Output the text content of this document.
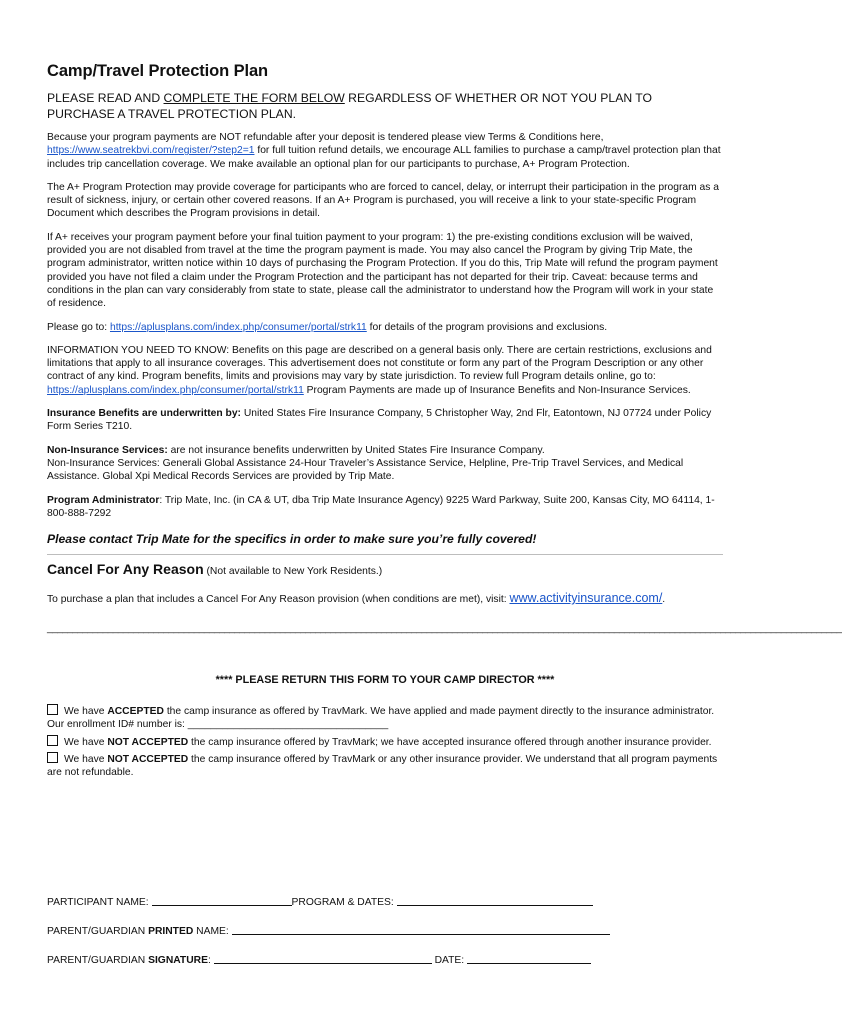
Camp/Travel Protection Plan
PLEASE READ AND COMPLETE THE FORM BELOW REGARDLESS OF WHETHER OR NOT YOU PLAN TO PURCHASE A TRAVEL PROTECTION PLAN.

Because your program payments are NOT refundable after your deposit is tendered please view Terms & Conditions here, https://www.seatrekbvi.com/register/?step2=1 for full tuition refund details, we encourage ALL families to purchase a camp/travel protection plan that includes trip cancellation coverage. We make available an optional plan for our participants to purchase, A+ Program Protection.

The A+ Program Protection may provide coverage for participants who are forced to cancel, delay, or interrupt their participation in the program as a result of sickness, injury, or certain other covered reasons. If an A+ Program is purchased, you will receive a link to your state-specific Program Document which describes the Program provisions in detail.

If A+ receives your program payment before your final tuition payment to your program: 1) the pre-existing conditions exclusion will be waived, provided you are not disabled from travel at the time the program payment is made. You may also cancel the Program by giving Trip Mate, the program administrator, written notice within 10 days of purchasing the Program Protection. If you do this, Trip Mate will refund the program payment provided you have not filed a claim under the Program Protection and the participant has not departed for their trip. Caveat: because terms and conditions in the plan can vary considerably from state to state, please call the administrator to understand how the Program will work in your state of residence.

Please go to: https://aplusplans.com/index.php/consumer/portal/strk11 for details of the program provisions and exclusions.

INFORMATION YOU NEED TO KNOW: Benefits on this page are described on a general basis only. There are certain restrictions, exclusions and limitations that apply to all insurance coverages. This advertisement does not constitute or form any part of the Program Description or any other contract of any kind. Program benefits, limits and provisions may vary by state jurisdiction. To review full Program details online, go to: https://aplusplans.com/index.php/consumer/portal/strk11 Program Payments are made up of Insurance Benefits and Non-Insurance Services.

Insurance Benefits are underwritten by: United States Fire Insurance Company, 5 Christopher Way, 2nd Flr, Eatontown, NJ 07724 under Policy Form Series T210.

Non-Insurance Services: are not insurance benefits underwritten by United States Fire Insurance Company.
Non-Insurance Services: Generali Global Assistance 24-Hour Traveler’s Assistance Service, Helpline, Pre-Trip Travel Services, and Medical Assistance. Global Xpi Medical Records Services are provided by Trip Mate.

Program Administrator: Trip Mate, Inc. (in CA & UT, dba Trip Mate Insurance Agency) 9225 Ward Parkway, Suite 200, Kansas City, MO 64114, 1-800-888-7292

Please contact Trip Mate for the specifics in order to make sure you’re fully covered!
Cancel For Any Reason (Not available to New York Residents.)
To purchase a plan that includes a Cancel For Any Reason provision (when conditions are met), visit: www.activityinsurance.com/.
_____________________________________________________________________________________________________________________________________________________________
**** PLEASE RETURN THIS FORM TO YOUR CAMP DIRECTOR ****
We have ACCEPTED the camp insurance as offered by TravMark. We have applied and made payment directly to the insurance administrator. Our enrollment ID# number is: ___________________________________
We have NOT ACCEPTED the camp insurance offered by TravMark; we have accepted insurance offered through another insurance provider.
We have NOT ACCEPTED the camp insurance offered by TravMark or any other insurance provider. We understand that all program payments are not refundable.
PARTICIPANT NAME:	PROGRAM & DATES:
PARENT/GUARDIAN PRINTED NAME:
PARENT/GUARDIAN SIGNATURE:	DATE:
